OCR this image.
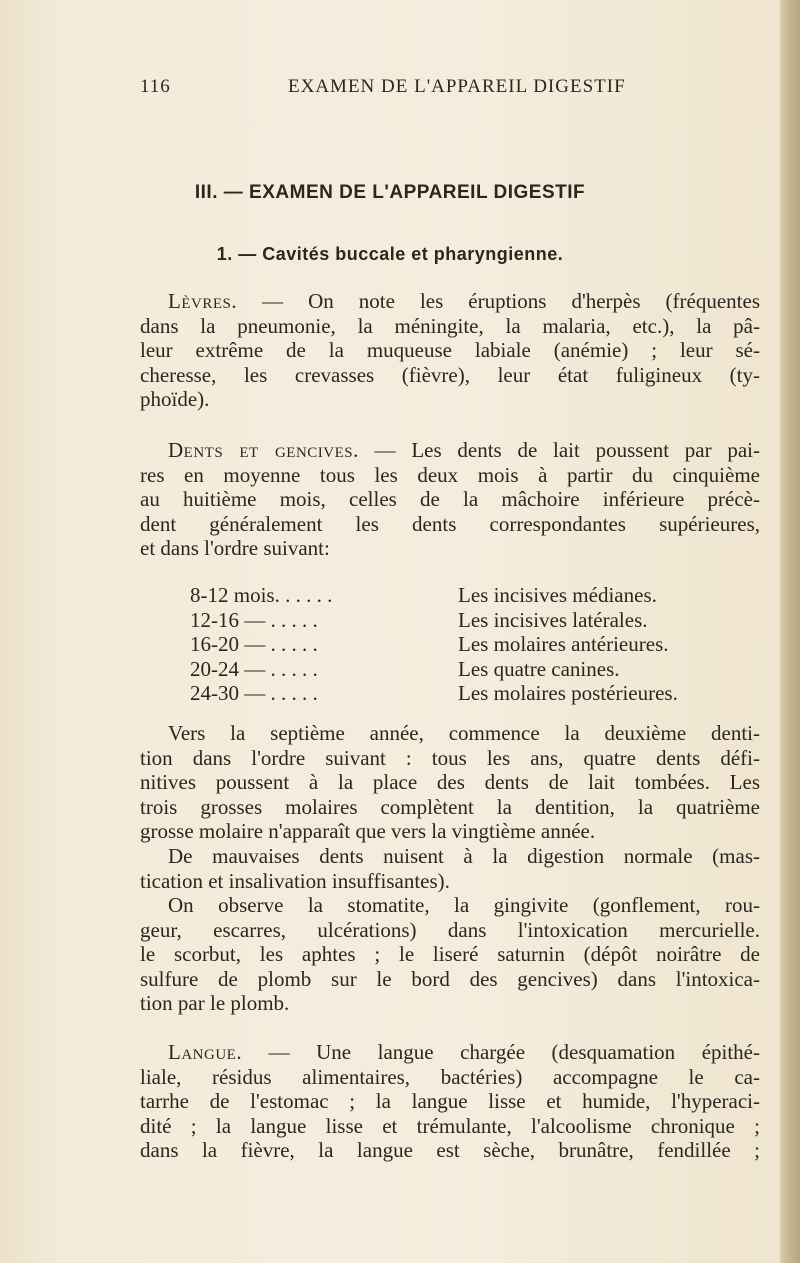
116	EXAMEN DE L'APPAREIL DIGESTIF
III. — EXAMEN DE L'APPAREIL DIGESTIF
1. — Cavités buccale et pharyngienne.
Lèvres. — On note les éruptions d'herpès (fréquentes
dans la pneumonie, la méningite, la malaria, etc.), la pâ-
leur extrême de la muqueuse labiale (anémie) ; leur sé-
cheresse, les crevasses (fièvre), leur état fuligineux (ty-
phoïde).
Dents et gencives. — Les dents de lait poussent par pai-
res en moyenne tous les deux mois à partir du cinquième
au huitième mois, celles de la mâchoire inférieure précè-
dent généralement les dents correspondantes supérieures,
et dans l'ordre suivant:
8-12 mois. . . . . .	Les incisives médianes.
12-16 — . . . . .	Les incisives latérales.
16-20 — . . . . .	Les molaires antérieures.
20-24 — . . . . .	Les quatre canines.
24-30 — . . . . .	Les molaires postérieures.
Vers la septième année, commence la deuxième denti-
tion dans l'ordre suivant : tous les ans, quatre dents défi-
nitives poussent à la place des dents de lait tombées. Les
trois grosses molaires complètent la dentition, la quatrième
grosse molaire n'apparaît que vers la vingtième année.
De mauvaises dents nuisent à la digestion normale (mas-
tication et insalivation insuffisantes).
On observe la stomatite, la gingivite (gonflement, rou-
geur, escarres, ulcérations) dans l'intoxication mercurielle.
le scorbut, les aphtes ; le liseré saturnin (dépôt noirâtre de
sulfure de plomb sur le bord des gencives) dans l'intoxica-
tion par le plomb.
Langue. — Une langue chargée (desquamation épithé-
liale, résidus alimentaires, bactéries) accompagne le ca-
tarrhe de l'estomac ; la langue lisse et humide, l'hyperaci-
dité ; la langue lisse et trémulante, l'alcoolisme chronique ;
dans la fièvre, la langue est sèche, brunâtre, fendillée ;
